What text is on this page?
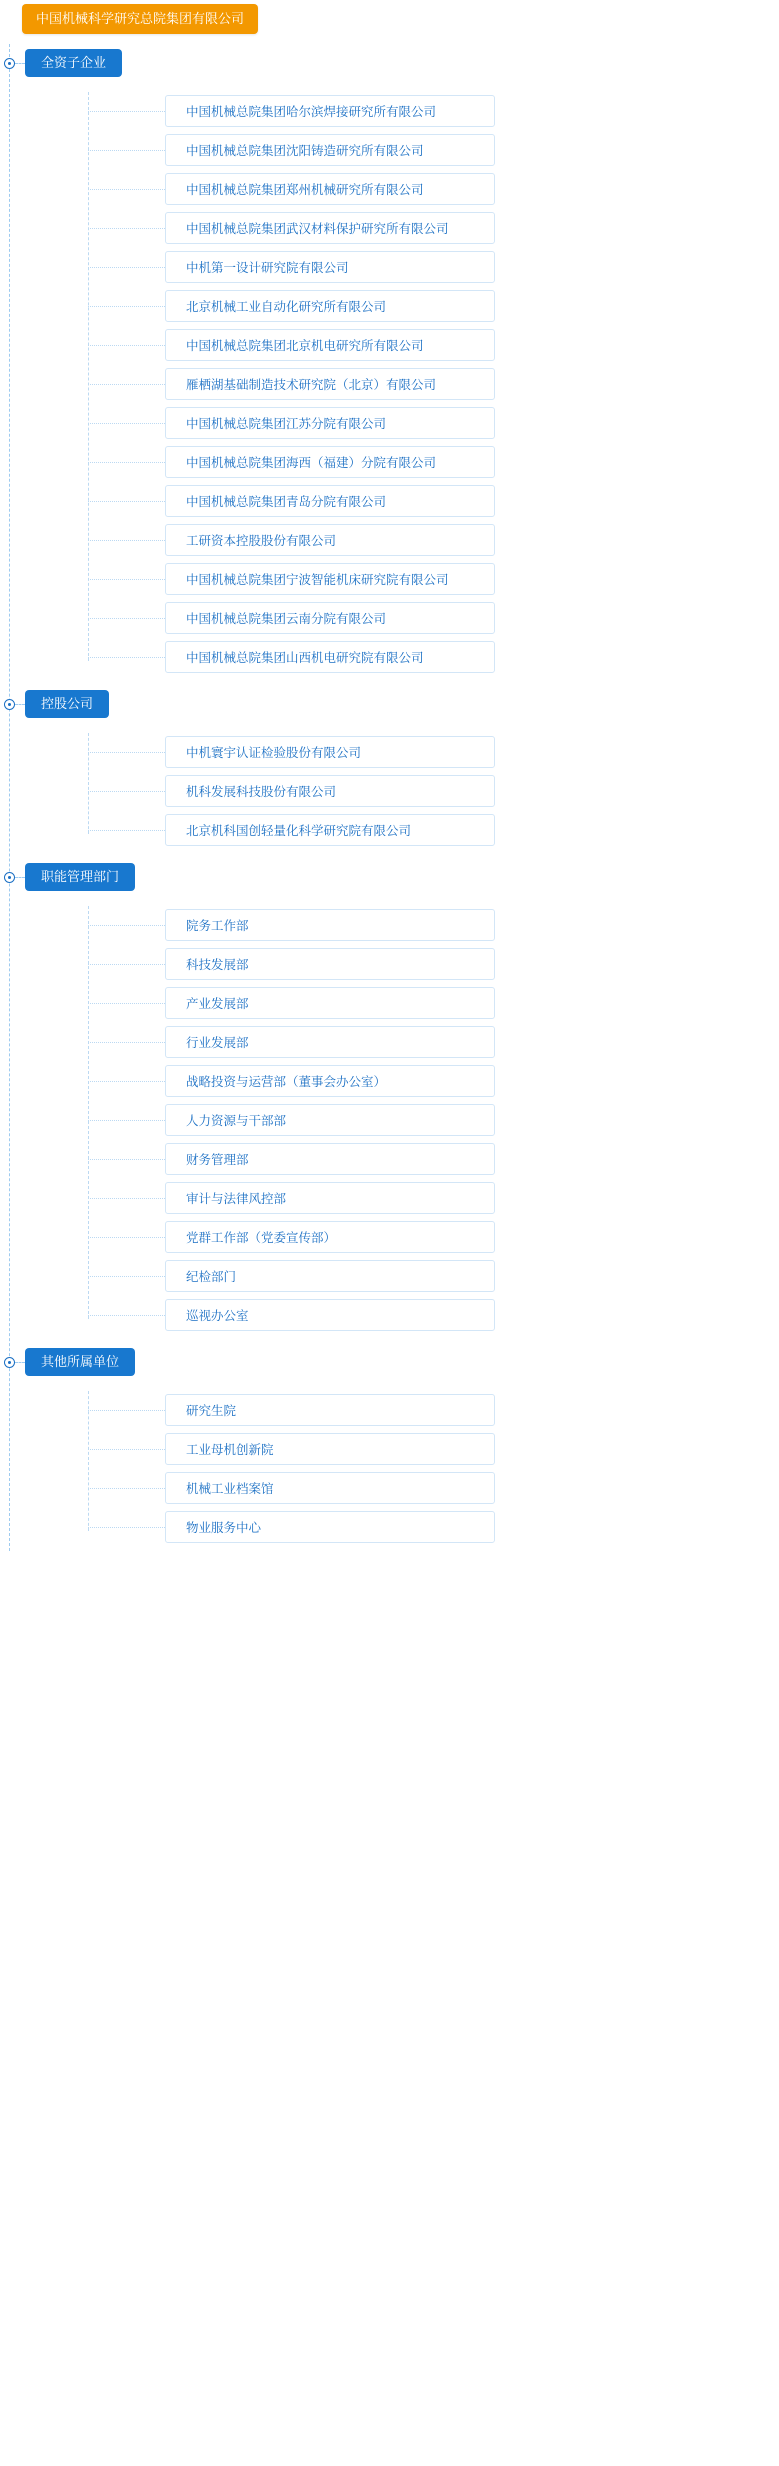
中国机械科学研究总院集团有限公司
全资子企业
中国机械总院集团哈尔滨焊接研究所有限公司
中国机械总院集团沈阳铸造研究所有限公司
中国机械总院集团郑州机械研究所有限公司
中国机械总院集团武汉材料保护研究所有限公司
中机第一设计研究院有限公司
北京机械工业自动化研究所有限公司
中国机械总院集团北京机电研究所有限公司
雁栖湖基础制造技术研究院（北京）有限公司
中国机械总院集团江苏分院有限公司
中国机械总院集团海西（福建）分院有限公司
中国机械总院集团青岛分院有限公司
工研资本控股股份有限公司
中国机械总院集团宁波智能机床研究院有限公司
中国机械总院集团云南分院有限公司
中国机械总院集团山西机电研究院有限公司
控股公司
中机寰宇认证检验股份有限公司
机科发展科技股份有限公司
北京机科国创轻量化科学研究院有限公司
职能管理部门
院务工作部
科技发展部
产业发展部
行业发展部
战略投资与运营部（董事会办公室）
人力资源与干部部
财务管理部
审计与法律风控部
党群工作部（党委宣传部）
纪检部门
巡视办公室
其他所属单位
研究生院
工业母机创新院
机械工业档案馆
物业服务中心
